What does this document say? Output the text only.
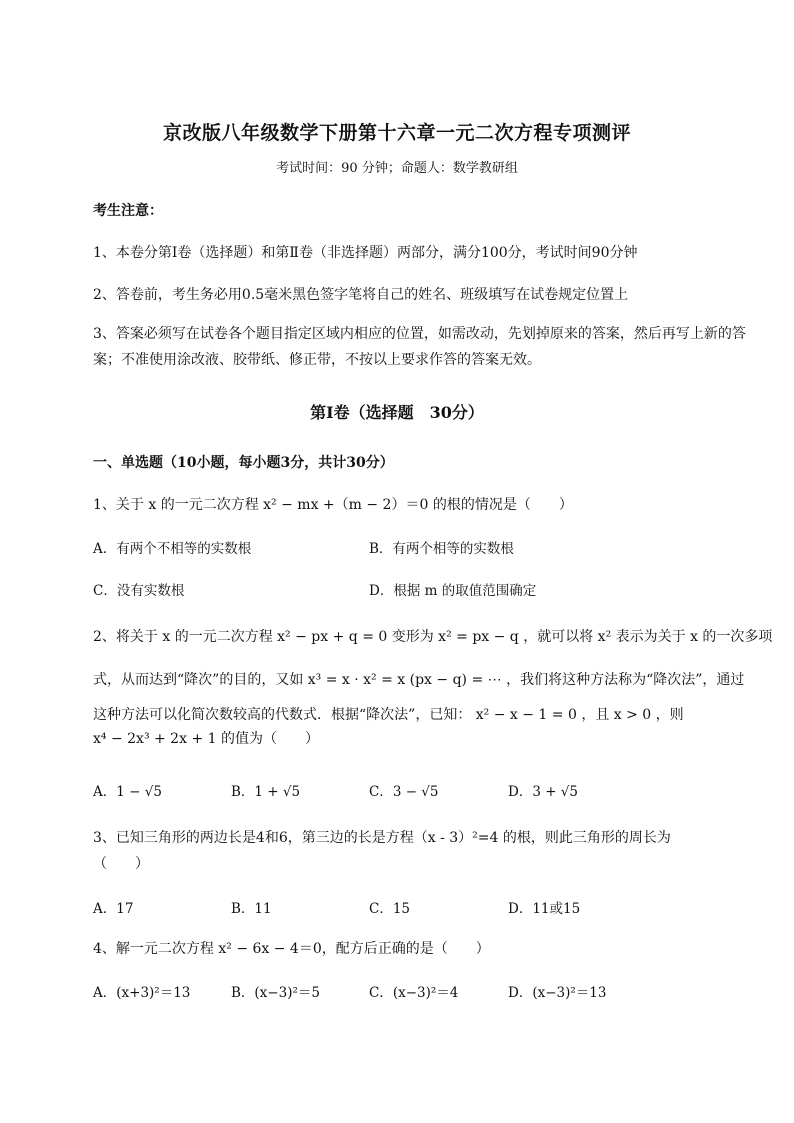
京改版八年级数学下册第十六章一元二次方程专项测评
考试时间：90 分钟；命题人：数学教研组
考生注意：
1、本卷分第Ⅰ卷（选择题）和第Ⅱ卷（非选择题）两部分，满分100分，考试时间90分钟
2、答卷前，考生务必用0.5毫米黑色签字笔将自己的姓名、班级填写在试卷规定位置上
3、答案必须写在试卷各个题目指定区域内相应的位置，如需改动，先划掉原来的答案，然后再写上新的答案；不准使用涂改液、胶带纸、修正带，不按以上要求作答的答案无效。
第Ⅰ卷（选择题　30分）
一、单选题（10小题，每小题3分，共计30分）
1、关于 x 的一元二次方程 x² − mx +（m − 2）＝0 的根的情况是（　　）
A．有两个不相等的实数根	B．有两个相等的实数根
C．没有实数根	D．根据 m 的取值范围确定
2、将关于 x 的一元二次方程 x² − px + q = 0 变形为 x² = px − q ，就可以将 x² 表示为关于 x 的一次多项
式，从而达到“降次”的目的，又如 x³ = x · x² = x (px − q) = ⋯ ，我们将这种方法称为“降次法”，通过
这种方法可以化简次数较高的代数式．根据“降次法”，已知： x² − x − 1 = 0 ，且 x > 0 ，则
x⁴ − 2x³ + 2x + 1 的值为（　　）
A．1 − √5	B．1 + √5	C．3 − √5	D．3 + √5
3、已知三角形的两边长是4和6，第三边的长是方程（x - 3）²=4 的根，则此三角形的周长为
（　　）
A．17	B．11	C．15	D．11或15
4、解一元二次方程 x² − 6x − 4＝0，配方后正确的是（　　）
A．(x+3)²＝13	B．(x−3)²＝5	C．(x−3)²＝4	D．(x−3)²＝13
